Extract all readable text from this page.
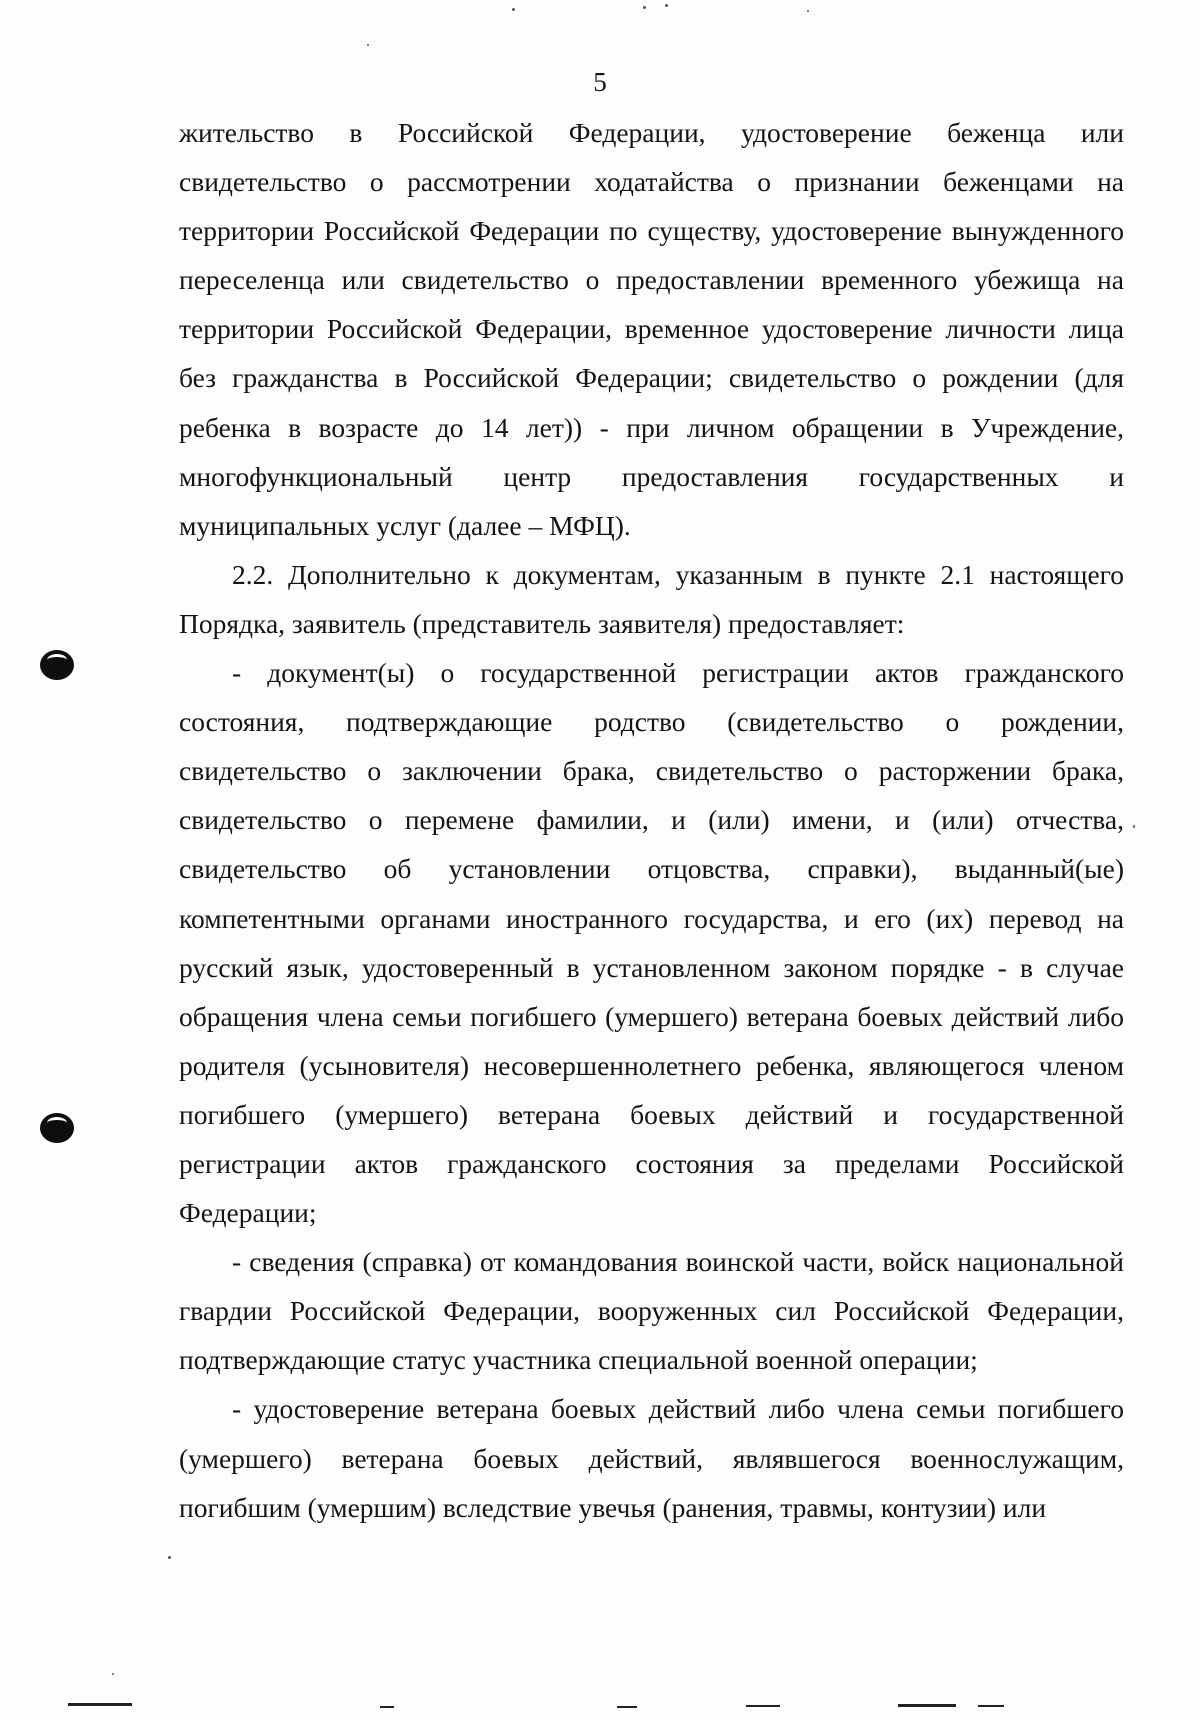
5

жительство в Российской Федерации, удостоверение беженца или свидетельство о рассмотрении ходатайства о признании беженцами на территории Российской Федерации по существу, удостоверение вынужденного переселенца или свидетельство о предоставлении временного убежища на территории Российской Федерации, временное удостоверение личности лица без гражданства в Российской Федерации; свидетельство о рождении (для ребенка в возрасте до 14 лет)) - при личном обращении в Учреждение, многофункциональный центр предоставления государственных и муниципальных услуг (далее – МФЦ).

2.2. Дополнительно к документам, указанным в пункте 2.1 настоящего Порядка, заявитель (представитель заявителя) предоставляет:

- документ(ы) о государственной регистрации актов гражданского состояния, подтверждающие родство (свидетельство о рождении, свидетельство о заключении брака, свидетельство о расторжении брака, свидетельство о перемене фамилии, и (или) имени, и (или) отчества, свидетельство об установлении отцовства, справки), выданный(ые) компетентными органами иностранного государства, и его (их) перевод на русский язык, удостоверенный в установленном законом порядке - в случае обращения члена семьи погибшего (умершего) ветерана боевых действий либо родителя (усыновителя) несовершеннолетнего ребенка, являющегося членом погибшего (умершего) ветерана боевых действий и государственной регистрации актов гражданского состояния за пределами Российской Федерации;

- сведения (справка) от командования воинской части, войск национальной гвардии Российской Федерации, вооруженных сил Российской Федерации, подтверждающие статус участника специальной военной операции;

- удостоверение ветерана боевых действий либо члена семьи погибшего (умершего) ветерана боевых действий, являвшегося военнослужащим, погибшим (умершим) вследствие увечья (ранения, травмы, контузии) или
